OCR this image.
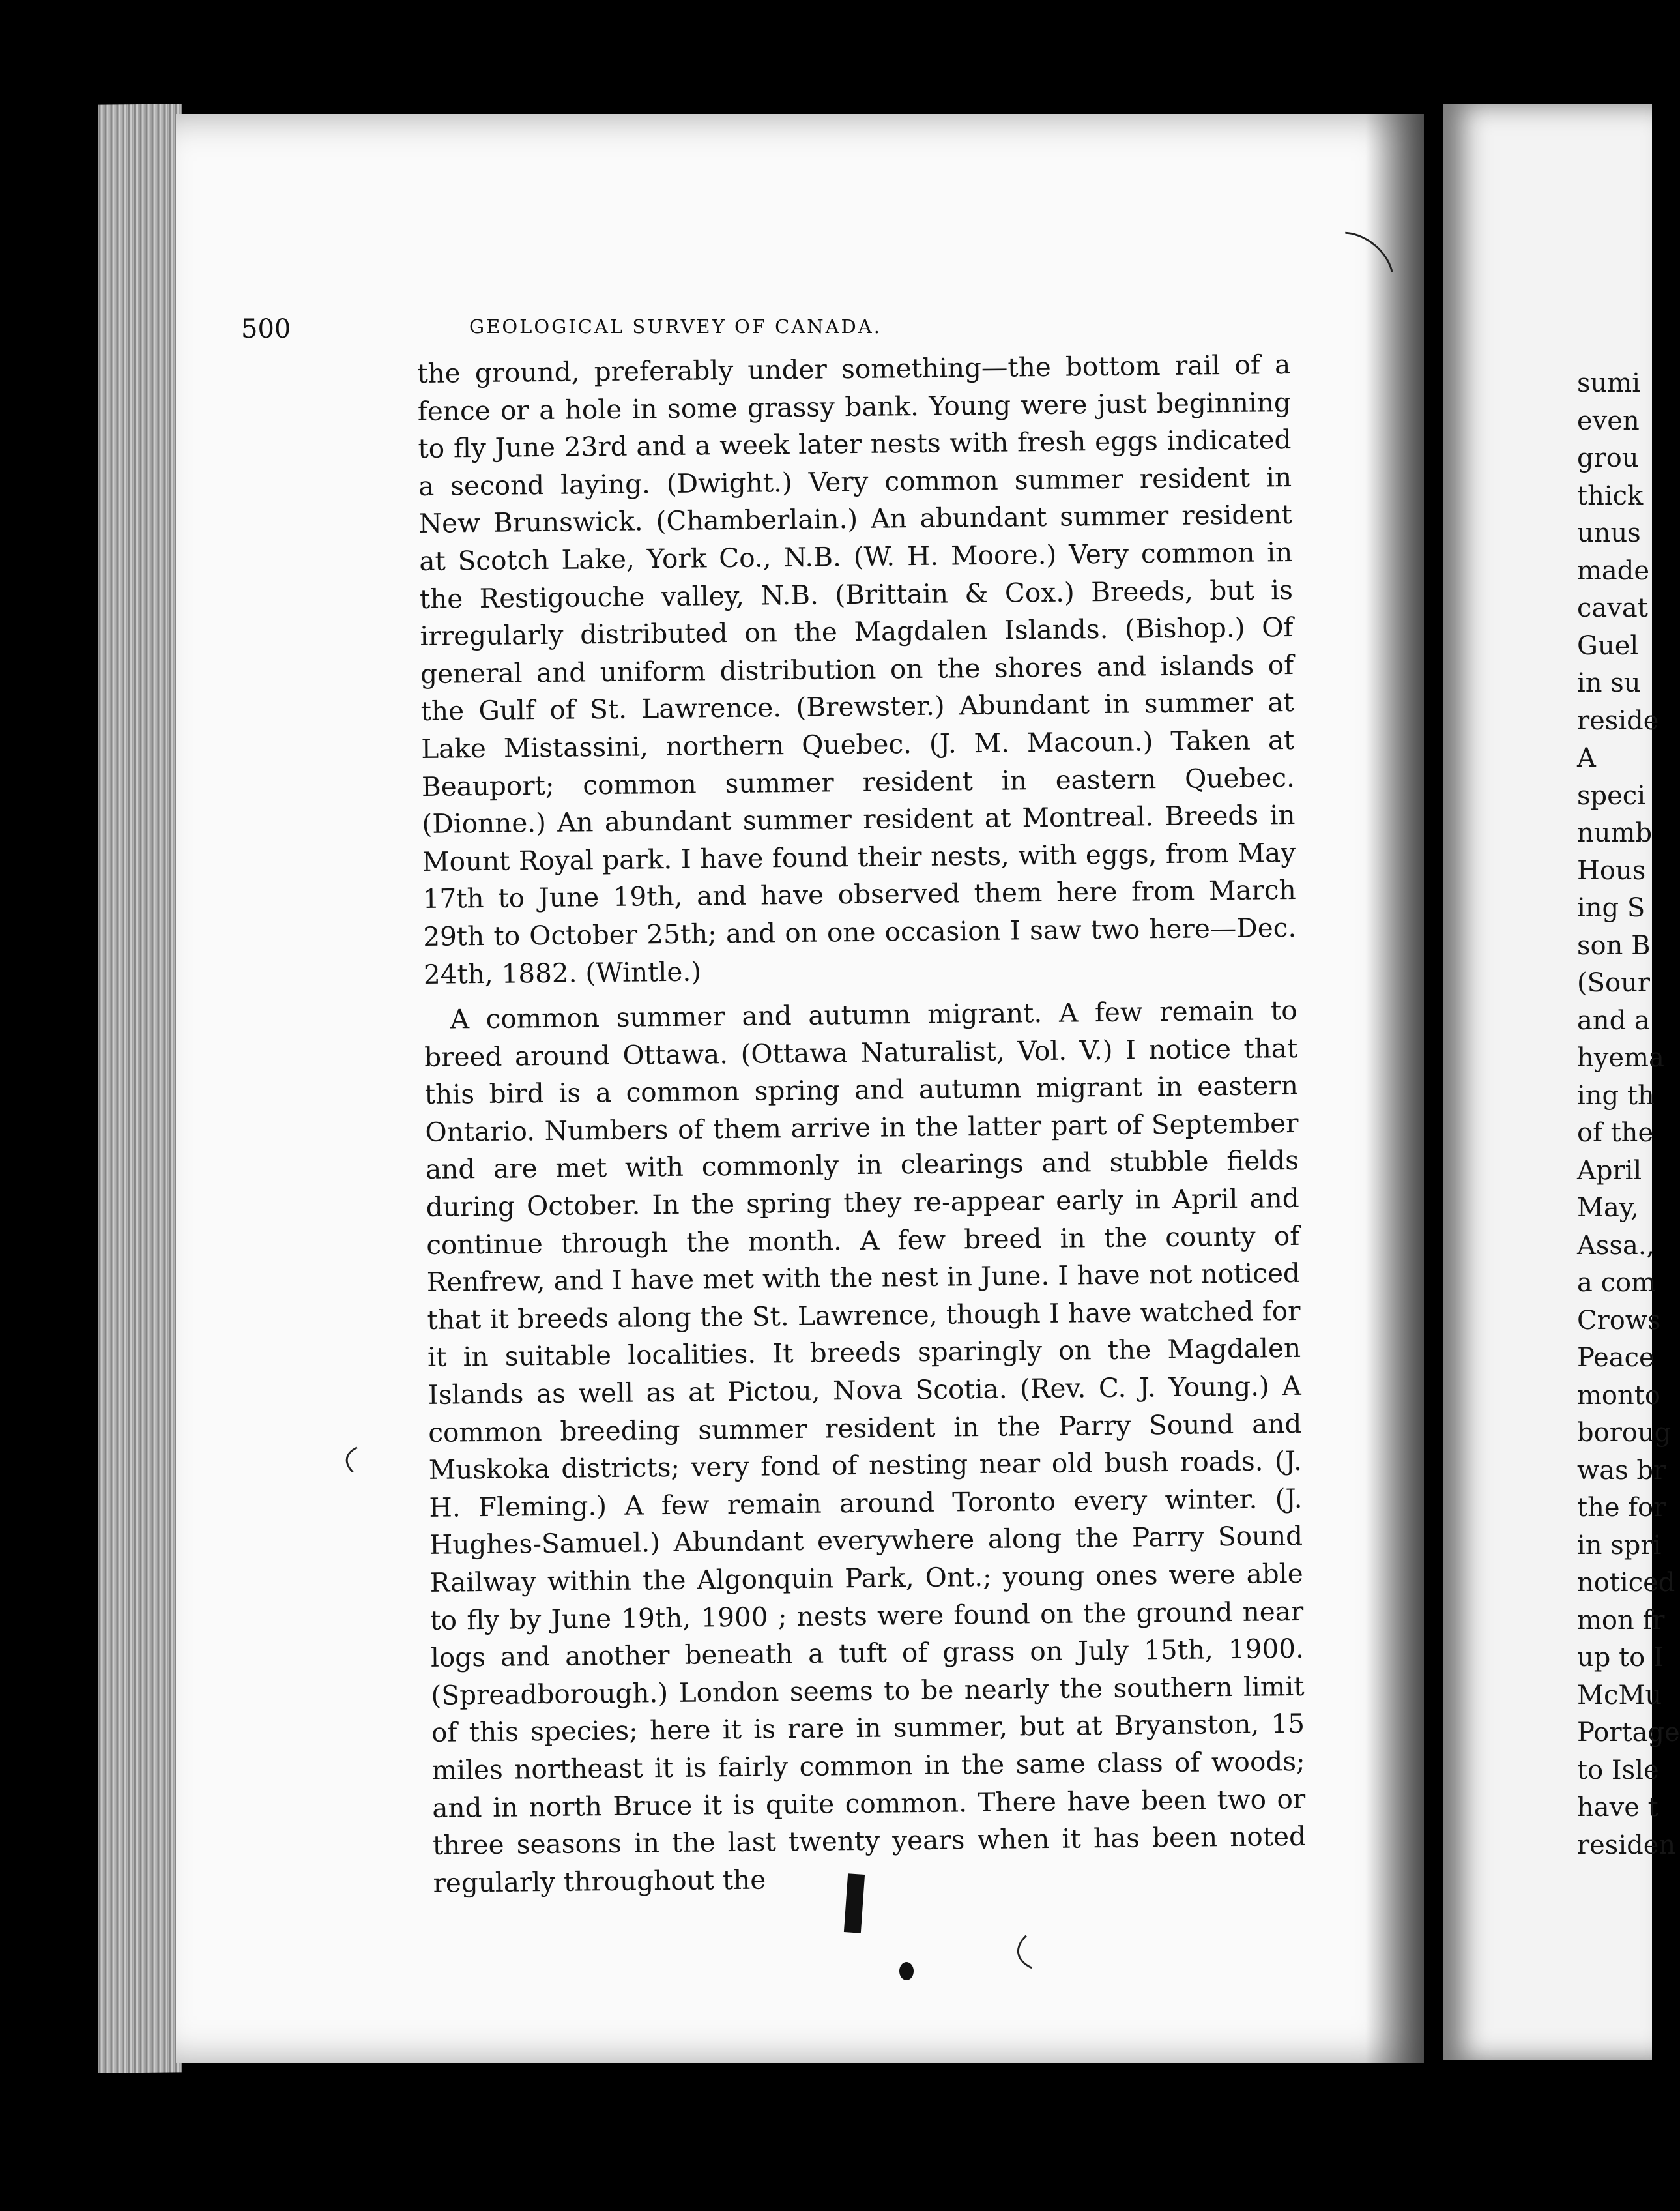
500	GEOLOGICAL SURVEY OF CANADA.

the ground, preferably under something—the bottom rail of a fence or a hole in some grassy bank. Young were just beginning to fly June 23rd and a week later nests with fresh eggs indicated a second laying. (Dwight.) Very common summer resident in New Brunswick. (Chamberlain.) An abundant summer resident at Scotch Lake, York Co., N.B. (W. H. Moore.) Very common in the Restigouche valley, N.B. (Brittain & Cox.) Breeds, but is irregularly distributed on the Magdalen Islands. (Bishop.) Of general and uniform distribution on the shores and islands of the Gulf of St. Lawrence. (Brewster.) Abundant in summer at Lake Mistassini, northern Quebec. (J. M. Macoun.) Taken at Beauport; common summer resident in eastern Quebec. (Dionne.) An abundant summer resident at Montreal. Breeds in Mount Royal park. I have found their nests, with eggs, from May 17th to June 19th, and have observed them here from March 29th to October 25th; and on one occasion I saw two here—Dec. 24th, 1882. (Wintle.)

A common summer and autumn migrant. A few remain to breed around Ottawa. (Ottawa Naturalist, Vol. V.) I notice that this bird is a common spring and autumn migrant in eastern Ontario. Numbers of them arrive in the latter part of September and are met with commonly in clearings and stubble fields during October. In the spring they re-appear early in April and continue through the month. A few breed in the county of Renfrew, and I have met with the nest in June. I have not noticed that it breeds along the St. Lawrence, though I have watched for it in suitable localities. It breeds sparingly on the Magdalen Islands as well as at Pictou, Nova Scotia. (Rev. C. J. Young.) A common breeding summer resident in the Parry Sound and Muskoka districts; very fond of nesting near old bush roads. (J. H. Fleming.) A few remain around Toronto every winter. (J. Hughes-Samuel.) Abundant everywhere along the Parry Sound Railway within the Algonquin Park, Ont.; young ones were able to fly by June 19th, 1900 ; nests were found on the ground near logs and another beneath a tuft of grass on July 15th, 1900. (Spreadborough.) London seems to be nearly the southern limit of this species; here it is rare in summer, but at Bryanston, 15 miles northeast it is fairly common in the same class of woods; and in north Bruce it is quite common. There have been two or three seasons in the last twenty years when it has been noted regularly throughout the

sumi
even
grou
thick
unus
made
cavat
Guel
in su
reside
A
speci
numb
Hous
ing S
son B
(Sour
and a
hyema
ing th
of the
April
May,
Assa.,
a com
Crows
Peace
monto
boroug
was br
the for
in spri
noticed
mon fr
up to I
McMu
Portage
to Isle
have t
residen
